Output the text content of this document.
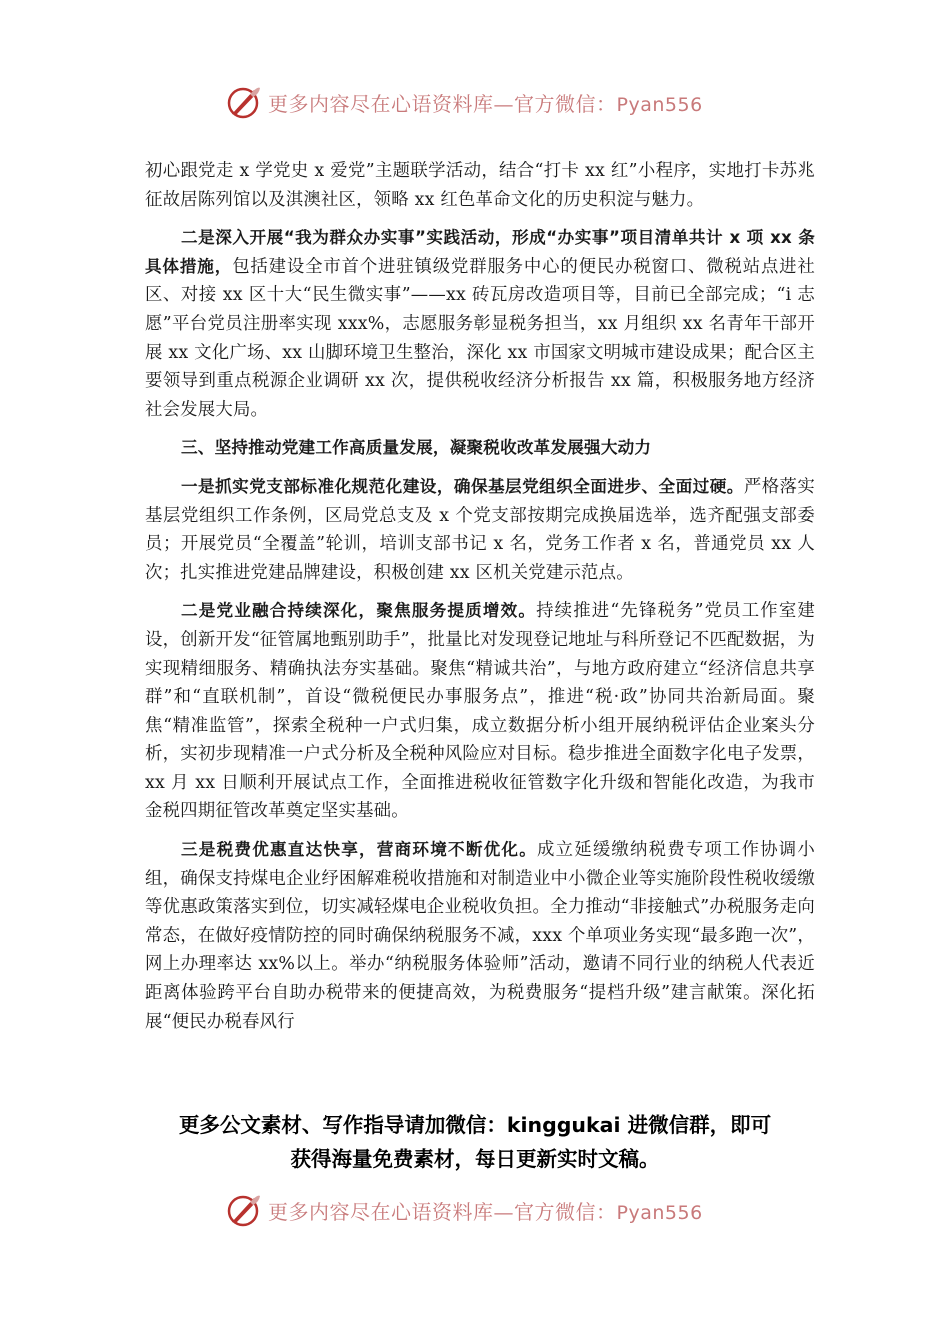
更多内容尽在心语资料库—官方微信：Pyan556

初心跟党走 x 学党史 x 爱党”主题联学活动，结合“打卡 xx 红”小程序，实地打卡苏兆征故居陈列馆以及淇澳社区，领略 xx 红色革命文化的历史积淀与魅力。

二是深入开展“我为群众办实事”实践活动，形成“办实事”项目清单共计 x 项 xx 条具体措施，包括建设全市首个进驻镇级党群服务中心的便民办税窗口、微税站点进社区、对接 xx 区十大“民生微实事”——xx 砖瓦房改造项目等，目前已全部完成；“i 志愿”平台党员注册率实现 xxx%，志愿服务彰显税务担当，xx 月组织 xx 名青年干部开展 xx 文化广场、xx 山脚环境卫生整治，深化 xx 市国家文明城市建设成果；配合区主要领导到重点税源企业调研 xx 次，提供税收经济分析报告 xx 篇，积极服务地方经济社会发展大局。

三、坚持推动党建工作高质量发展，凝聚税收改革发展强大动力

一是抓实党支部标准化规范化建设，确保基层党组织全面进步、全面过硬。严格落实基层党组织工作条例，区局党总支及 x 个党支部按期完成换届选举，选齐配强支部委员；开展党员“全覆盖”轮训，培训支部书记 x 名，党务工作者 x 名，普通党员 xx 人次；扎实推进党建品牌建设，积极创建 xx 区机关党建示范点。

二是党业融合持续深化，聚焦服务提质增效。持续推进“先锋税务”党员工作室建设，创新开发“征管属地甄别助手”，批量比对发现登记地址与科所登记不匹配数据，为实现精细服务、精确执法夯实基础。聚焦“精诚共治”，与地方政府建立“经济信息共享群”和“直联机制”，首设“微税便民办事服务点”，推进“税·政”协同共治新局面。聚焦“精准监管”，探索全税种一户式归集，成立数据分析小组开展纳税评估企业案头分析，实初步现精准一户式分析及全税种风险应对目标。稳步推进全面数字化电子发票，xx 月 xx 日顺利开展试点工作，全面推进税收征管数字化升级和智能化改造，为我市金税四期征管改革奠定坚实基础。

三是税费优惠直达快享，营商环境不断优化。成立延缓缴纳税费专项工作协调小组，确保支持煤电企业纾困解难税收措施和对制造业中小微企业等实施阶段性税收缓缴等优惠政策落实到位，切实减轻煤电企业税收负担。全力推动“非接触式”办税服务走向常态，在做好疫情防控的同时确保纳税服务不减，xxx 个单项业务实现“最多跑一次”，网上办理率达 xx%以上。举办“纳税服务体验师”活动，邀请不同行业的纳税人代表近距离体验跨平台自助办税带来的便捷高效，为税费服务“提档升级”建言献策。深化拓展“便民办税春风行

更多公文素材、写作指导请加微信：kinggukai 进微信群，即可
获得海量免费素材，每日更新实时文稿。
更多内容尽在心语资料库—官方微信：Pyan556
